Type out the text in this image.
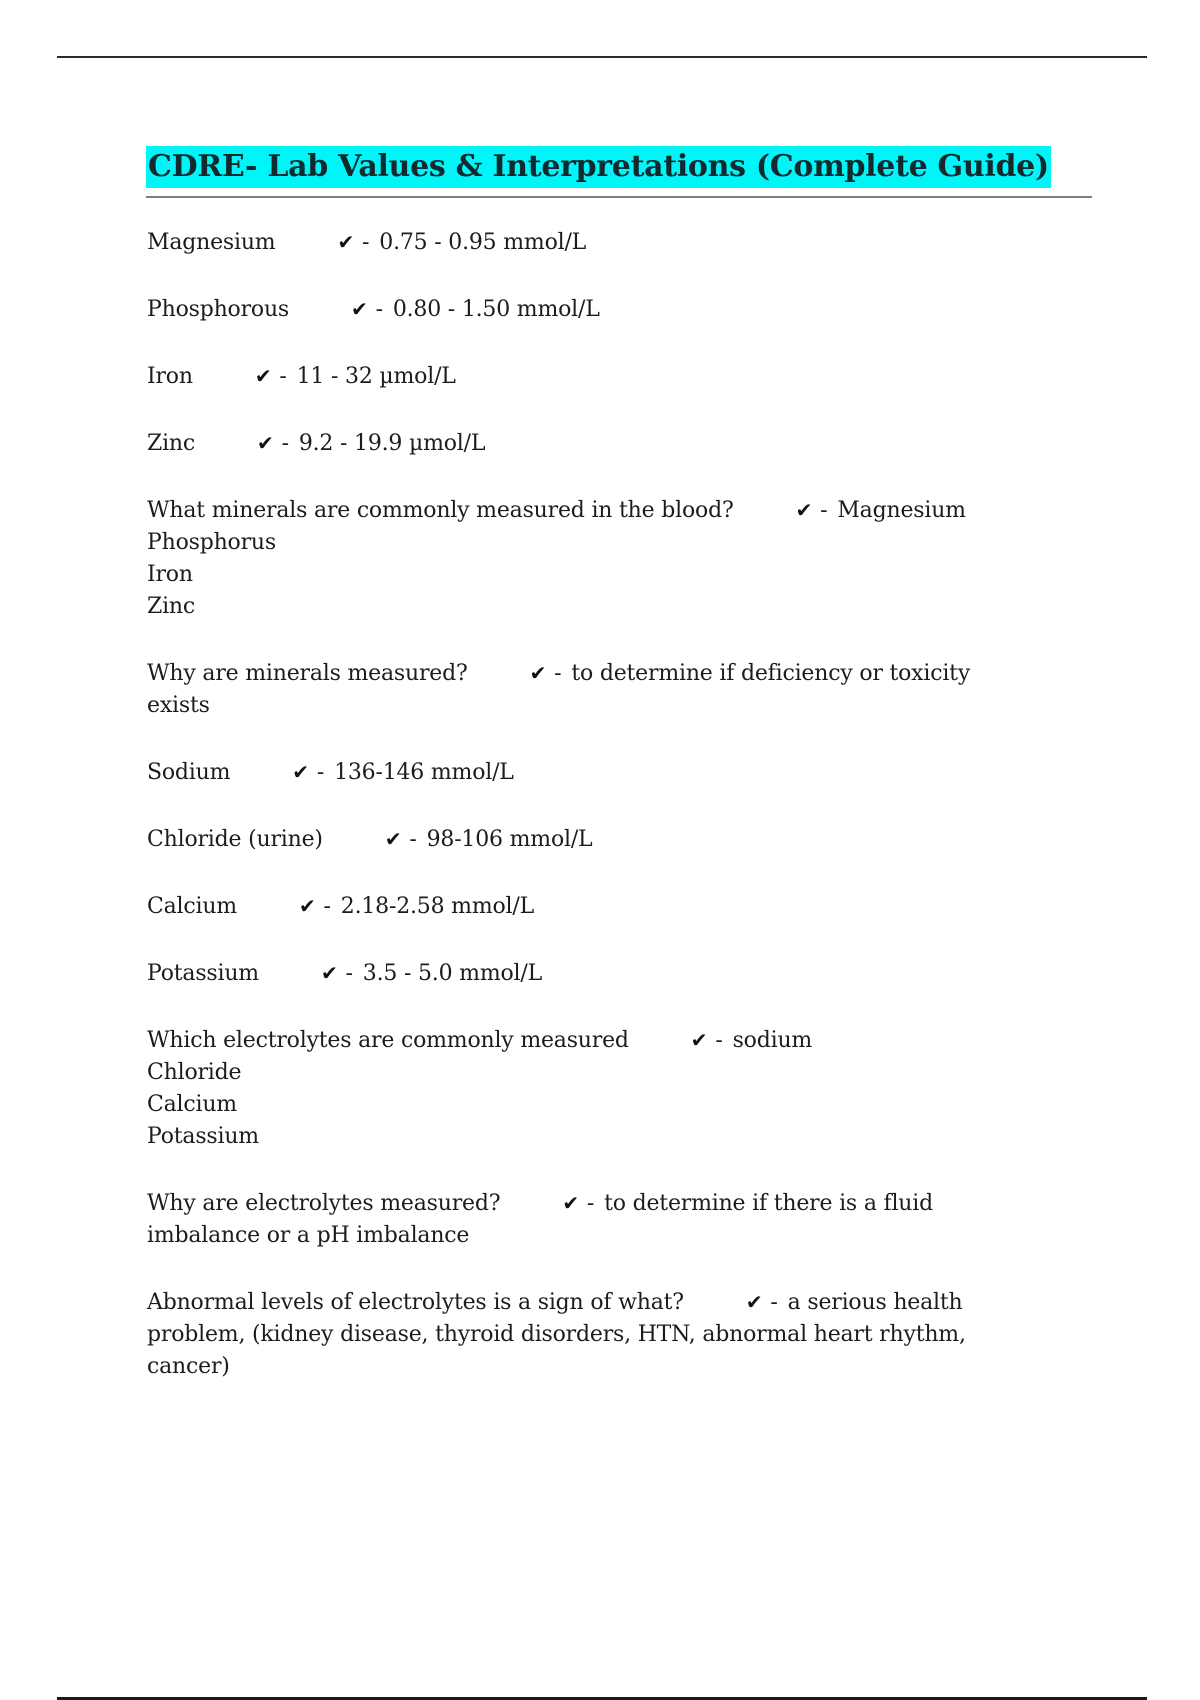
CDRE- Lab Values & Interpretations (Complete Guide)
Magnesium	✔ - 0.75 - 0.95 mmol/L
Phosphorous	✔ - 0.80 - 1.50 mmol/L
Iron	✔ - 11 - 32 µmol/L
Zinc	✔ - 9.2 - 19.9 µmol/L
What minerals are commonly measured in the blood?	✔ - Magnesium
Phosphorus
Iron
Zinc
Why are minerals measured?	✔ - to determine if deficiency or toxicity
exists
Sodium	✔ - 136-146 mmol/L
Chloride (urine)	✔ - 98-106 mmol/L
Calcium	✔ - 2.18-2.58 mmol/L
Potassium	✔ - 3.5 - 5.0 mmol/L
Which electrolytes are commonly measured	✔ - sodium
Chloride
Calcium
Potassium
Why are electrolytes measured?	✔ - to determine if there is a fluid
imbalance or a pH imbalance
Abnormal levels of electrolytes is a sign of what?	✔ - a serious health
problem, (kidney disease, thyroid disorders, HTN, abnormal heart rhythm,
cancer)
